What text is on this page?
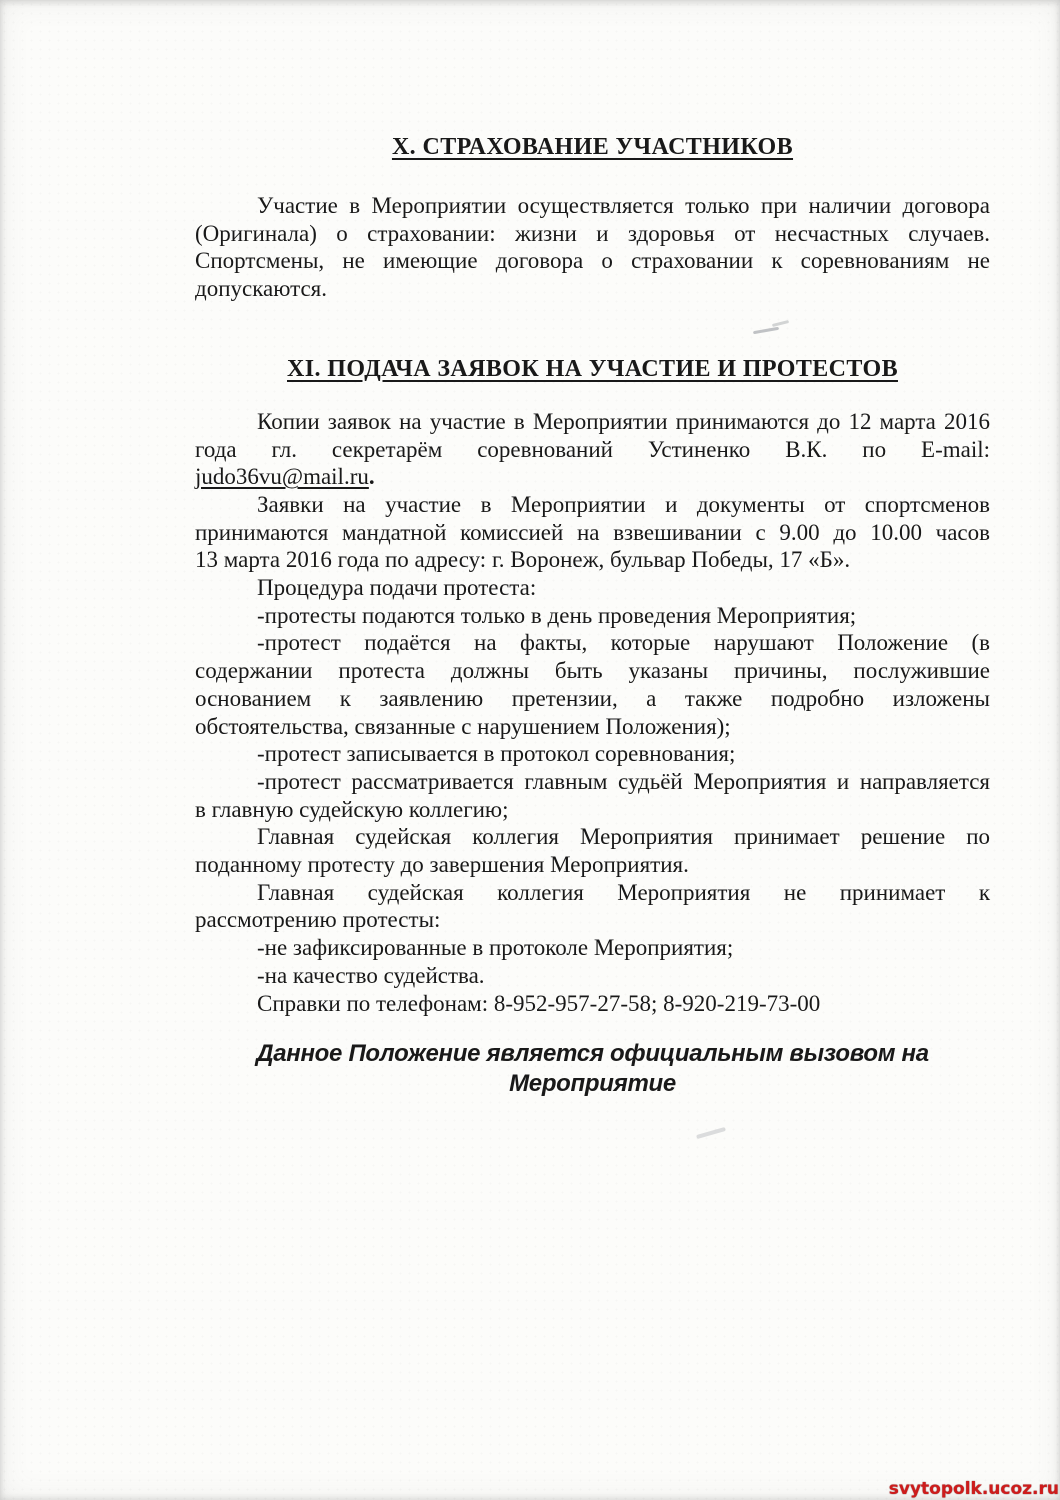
X. СТРАХОВАНИЕ УЧАСТНИКОВ
Участие в Мероприятии осуществляется только при наличии договора
(Оригинала) о страховании: жизни и здоровья от несчастных случаев.
Спортсмены, не имеющие договора о страховании к соревнованиям не
допускаются.
XI. ПОДАЧА ЗАЯВОК НА УЧАСТИЕ И ПРОТЕСТОВ
Копии заявок на участие в Мероприятии принимаются до 12 марта 2016
года гл. секретарём соревнований Устиненко В.К. по E-mail:
judo36vu@mail.ru.
Заявки на участие в Мероприятии и документы от спортсменов
принимаются мандатной комиссией на взвешивании с 9.00 до 10.00 часов
13 марта 2016 года по адресу: г. Воронеж, бульвар Победы, 17 «Б».
Процедура подачи протеста:
-протесты подаются только в день проведения Мероприятия;
-протест подаётся на факты, которые нарушают Положение (в
содержании протеста должны быть указаны причины, послужившие
основанием к заявлению претензии, а также подробно изложены
обстоятельства, связанные с нарушением Положения);
-протест записывается в протокол соревнования;
-протест рассматривается главным судьёй Мероприятия и направляется
в главную судейскую коллегию;
Главная судейская коллегия Мероприятия принимает решение по
поданному протесту до завершения Мероприятия.
Главная судейская коллегия Мероприятия не принимает к
рассмотрению протесты:
-не зафиксированные в протоколе Мероприятия;
-на качество судейства.
Справки по телефонам: 8-952-957-27-58; 8-920-219-73-00
Данное Положение является официальным вызовом на Мероприятие
svytopolk.ucoz.ru
